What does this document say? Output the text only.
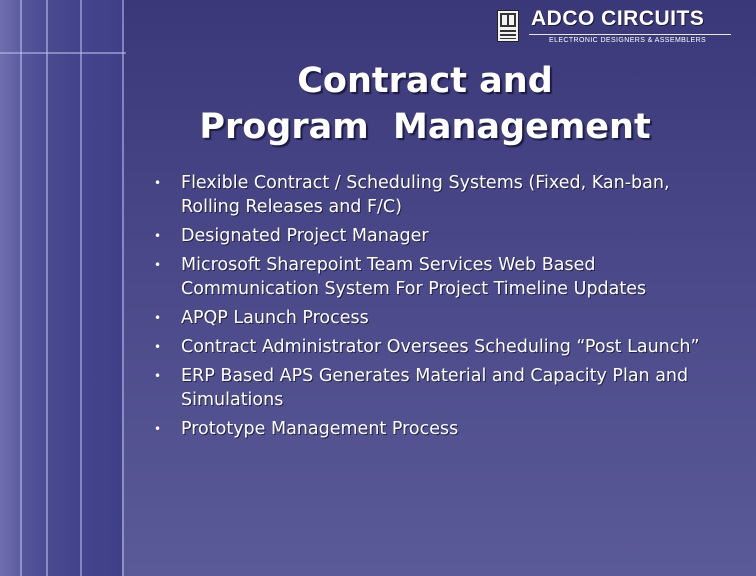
ADCO CIRCUITS
ELECTRONIC DESIGNERS & ASSEMBLERS
Contract and
Program  Management
• Flexible Contract / Scheduling Systems (Fixed, Kan-ban, Rolling Releases and F/C)
• Designated Project Manager
• Microsoft Sharepoint Team Services Web Based Communication System For Project Timeline Updates
• APQP Launch Process
• Contract Administrator Oversees Scheduling “Post Launch”
• ERP Based APS Generates Material and Capacity Plan and Simulations
• Prototype Management Process
